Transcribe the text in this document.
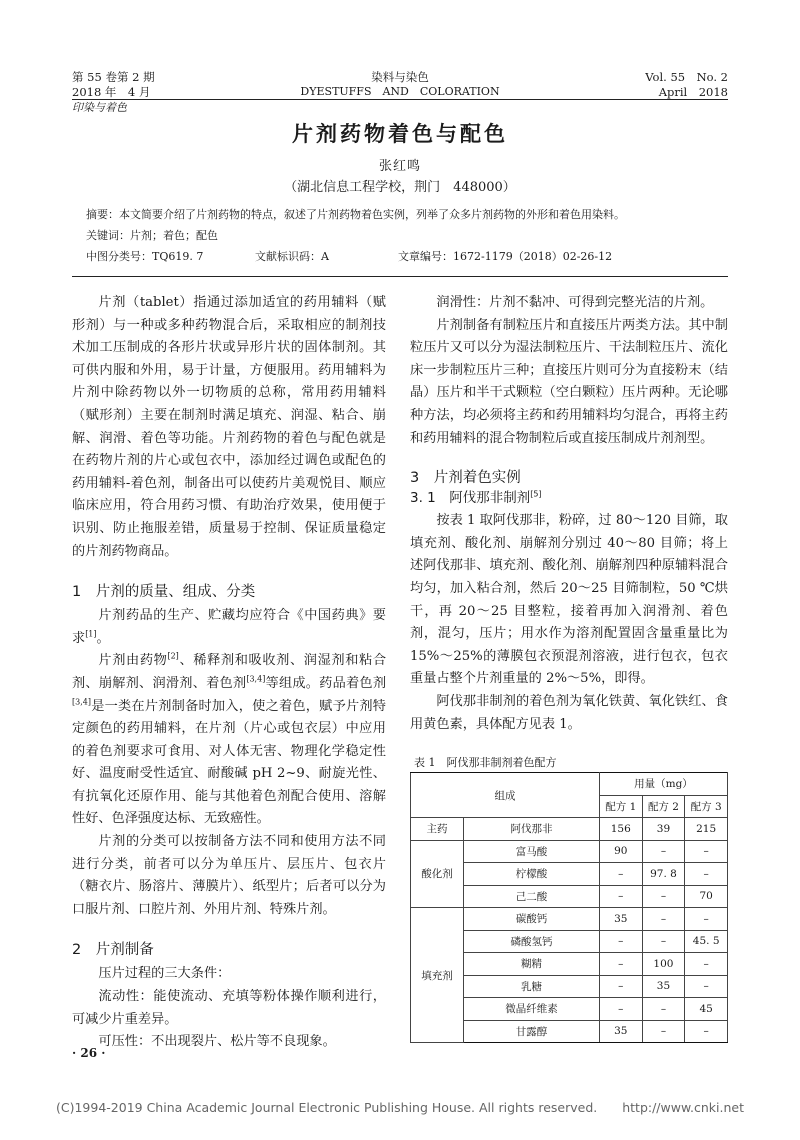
第 55 卷第 2 期
2018 年　4 月
染料与染色
DYESTUFFS　AND　COLORATION
Vol. 55　No. 2
April　2018
印染与着色
片剂药物着色与配色
张红鸣
（湖北信息工程学校，荆门　448000）
摘要：本文简要介绍了片剂药物的特点，叙述了片剂药物着色实例，列举了众多片剂药物的外形和着色用染料。
关键词：片剂；着色；配色
中图分类号：TQ619. 7	文献标识码：A	文章编号：1672-1179（2018）02-26-12

片剂（tablet）指通过添加适宜的药用辅料（赋形剂）与一种或多种药物混合后，采取相应的制剂技术加工压制成的各形片状或异形片状的固体制剂。其可供内服和外用，易于计量，方便服用。药用辅料为片剂中除药物以外一切物质的总称，常用药用辅料（赋形剂）主要在制剂时满足填充、润湿、粘合、崩解、润滑、着色等功能。片剂药物的着色与配色就是在药物片剂的片心或包衣中，添加经过调色或配色的药用辅料-着色剂，制备出可以使药片美观悦目、顺应临床应用，符合用药习惯、有助治疗效果，使用便于识别、防止拖服差错，质量易于控制、保证质量稳定的片剂药物商品。

1　片剂的质量、组成、分类

片剂药品的生产、贮藏均应符合《中国药典》要求[1]。

片剂由药物[2]、稀释剂和吸收剂、润湿剂和粘合剂、崩解剂、润滑剂、着色剂[3,4]等组成。药品着色剂[3,4]是一类在片剂制备时加入，使之着色，赋予片剂特定颜色的药用辅料，在片剂（片心或包衣层）中应用的着色剂要求可食用、对人体无害、物理化学稳定性好、温度耐受性适宜、耐酸碱 pH 2~9、耐旋光性、有抗氧化还原作用、能与其他着色剂配合使用、溶解性好、色泽强度达标、无致癌性。

片剂的分类可以按制备方法不同和使用方法不同进行分类，前者可以分为单压片、层压片、包衣片（糖衣片、肠溶片、薄膜片）、纸型片；后者可以分为口服片剂、口腔片剂、外用片剂、特殊片剂。

2　片剂制备

压片过程的三大条件：

流动性：能使流动、充填等粉体操作顺利进行，可减少片重差异。

可压性：不出现裂片、松片等不良现象。

润滑性：片剂不黏冲、可得到完整光洁的片剂。

片剂制备有制粒压片和直接压片两类方法。其中制粒压片又可以分为湿法制粒压片、干法制粒压片、流化床一步制粒压片三种；直接压片则可分为直接粉末（结晶）压片和半干式颗粒（空白颗粒）压片两种。无论哪种方法，均必须将主药和药用辅料均匀混合，再将主药和药用辅料的混合物制粒后或直接压制成片剂剂型。

3　片剂着色实例
3. 1　阿伐那非制剂[5]

按表 1 取阿伐那非，粉碎，过 80～120 目筛，取填充剂、酸化剂、崩解剂分别过 40～80 目筛；将上述阿伐那非、填充剂、酸化剂、崩解剂四种原辅料混合均匀，加入粘合剂，然后 20～25 目筛制粒，50 ℃烘干，再 20～25 目整粒，接着再加入润滑剂、着色剂，混匀，压片；用水作为溶剂配置固含量重量比为 15%～25%的薄膜包衣预混剂溶液，进行包衣，包衣重量占整个片剂重量的 2%～5%，即得。

阿伐那非制剂的着色剂为氧化铁黄、氧化铁红、食用黄色素，具体配方见表 1。

表 1　阿伐那非制剂着色配方
组成		用量（mg）		
		配方 1	配方 2	配方 3
主药	阿伐那非	156	39	215
酸化剂	富马酸	90	–	–
	柠檬酸	–	97. 8	–
	己二酸	–	–	70
填充剂	碳酸钙	35	–	–
	磷酸氢钙	–	–	45. 5
	糊精	–	100	–
	乳糖	–	35	–
	微晶纤维素	–	–	45
	甘露醇	35	–	–
· 26 ·
(C)1994-2019 China Academic Journal Electronic Publishing House. All rights reserved.　　http://www.cnki.net
